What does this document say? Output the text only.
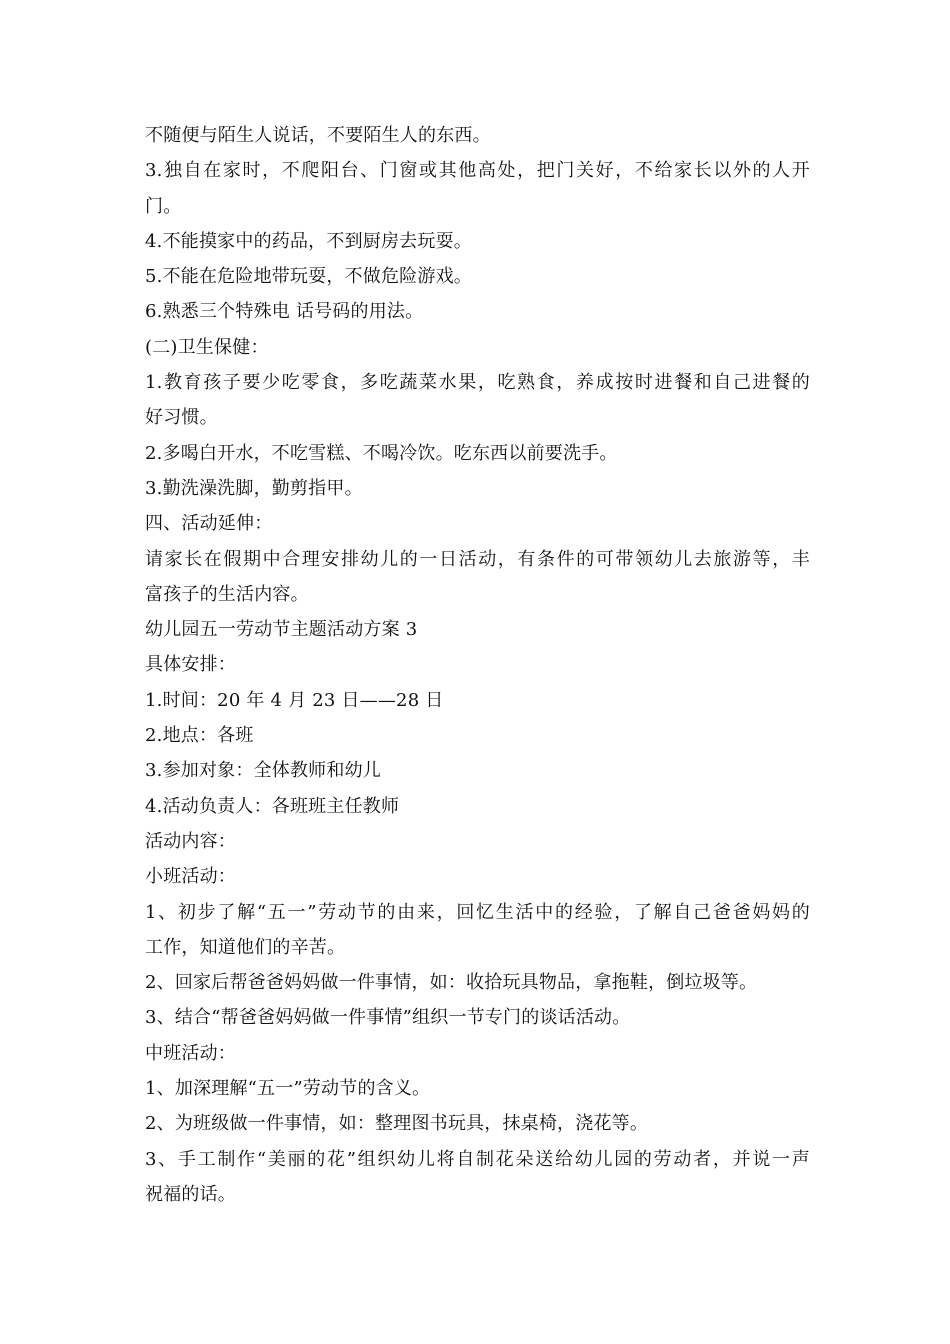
不随便与陌生人说话，不要陌生人的东西。
3.独自在家时，不爬阳台、门窗或其他高处，把门关好，不给家长以外的人开
门。
4.不能摸家中的药品，不到厨房去玩耍。
5.不能在危险地带玩耍，不做危险游戏。
6.熟悉三个特殊电 话号码的用法。
(二)卫生保健：
1.教育孩子要少吃零食，多吃蔬菜水果，吃熟食，养成按时进餐和自己进餐的
好习惯。
2.多喝白开水，不吃雪糕、不喝冷饮。吃东西以前要洗手。
3.勤洗澡洗脚，勤剪指甲。
四、活动延伸：
请家长在假期中合理安排幼儿的一日活动，有条件的可带领幼儿去旅游等，丰
富孩子的生活内容。
幼儿园五一劳动节主题活动方案 3
具体安排：
1.时间：20 年 4 月 23 日——28 日
2.地点：各班
3.参加对象：全体教师和幼儿
4.活动负责人：各班班主任教师
活动内容：
小班活动：
1、初步了解“五一”劳动节的由来，回忆生活中的经验，了解自己爸爸妈妈的
工作，知道他们的辛苦。
2、回家后帮爸爸妈妈做一件事情，如：收拾玩具物品，拿拖鞋，倒垃圾等。
3、结合“帮爸爸妈妈做一件事情”组织一节专门的谈话活动。
中班活动：
1、加深理解“五一”劳动节的含义。
2、为班级做一件事情，如：整理图书玩具，抹桌椅，浇花等。
3、手工制作“美丽的花”组织幼儿将自制花朵送给幼儿园的劳动者，并说一声
祝福的话。
